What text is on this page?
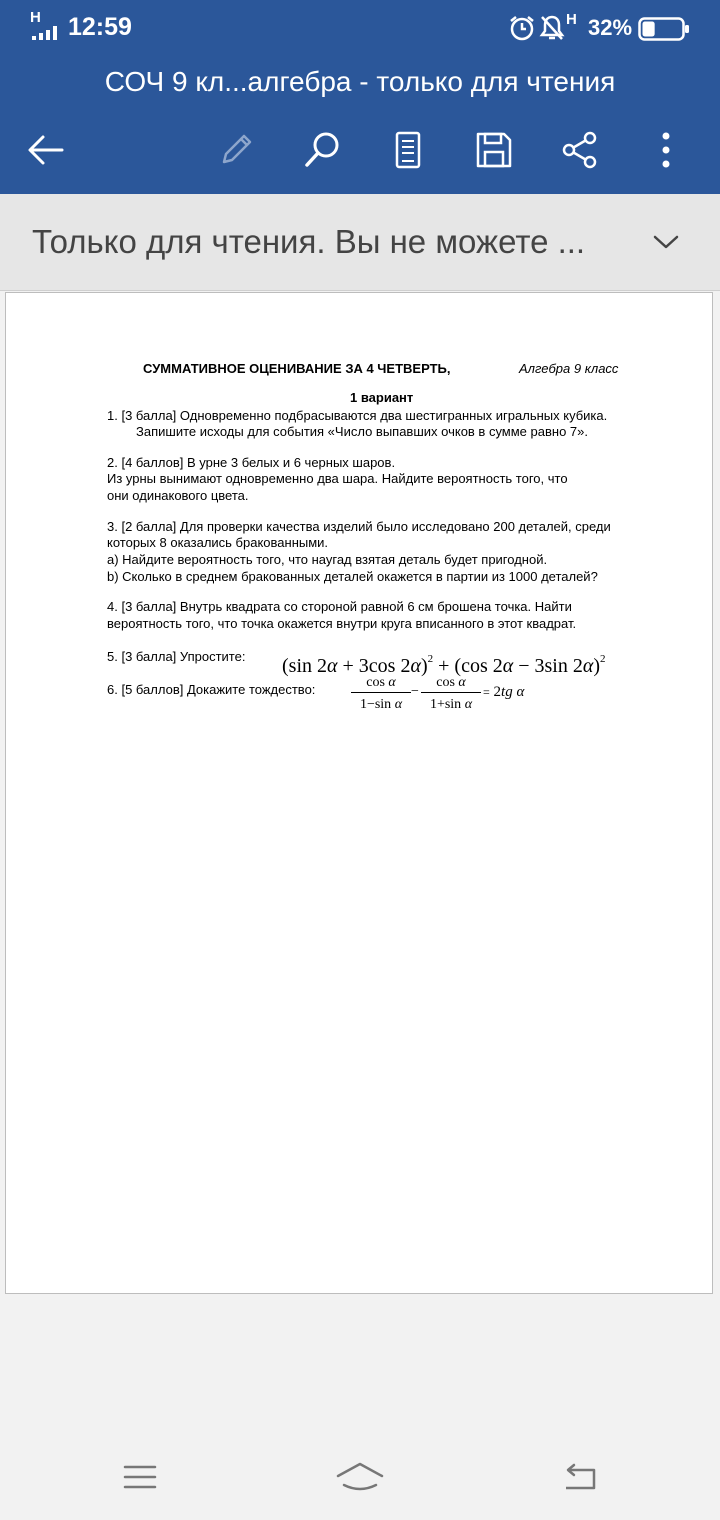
H 12:59	H 32%
СОЧ 9 кл...алгебра - только для чтения
Только для чтения. Вы не можете ...
СУММАТИВНОЕ ОЦЕНИВАНИЕ ЗА 4 ЧЕТВЕРТЬ,	Алгебра 9 класс
1 вариант
1. [3 балла] Одновременно подбрасываются два шестигранных игральных кубика.
Запишите исходы для события «Число выпавших очков в сумме равно 7».
2. [4 баллов] В урне 3 белых и 6 черных шаров.
Из урны вынимают одновременно два шара. Найдите вероятность того, что
они одинакового цвета.
3. [2 балла] Для проверки качества изделий было исследовано 200 деталей, среди
которых 8 оказались бракованными.
a) Найдите вероятность того, что наугад взятая деталь будет пригодной.
b) Сколько в среднем бракованных деталей окажется в партии из 1000 деталей?
4. [3 балла] Внутрь квадрата со стороной равной 6 см брошена точка. Найти
вероятность того, что точка окажется внутри круга вписанного в этот квадрат.
5. [3 балла] Упростите: (sin 2α + 3cos 2α)$^2$ + (cos 2α − 3sin 2α)$^2$
6. [5 баллов] Докажите тождество:	$\frac{\text{cos α}}{\text{1−sin α}} - \frac{\text{cos α}}{\text{1+sin α}} = 2tg$ α
